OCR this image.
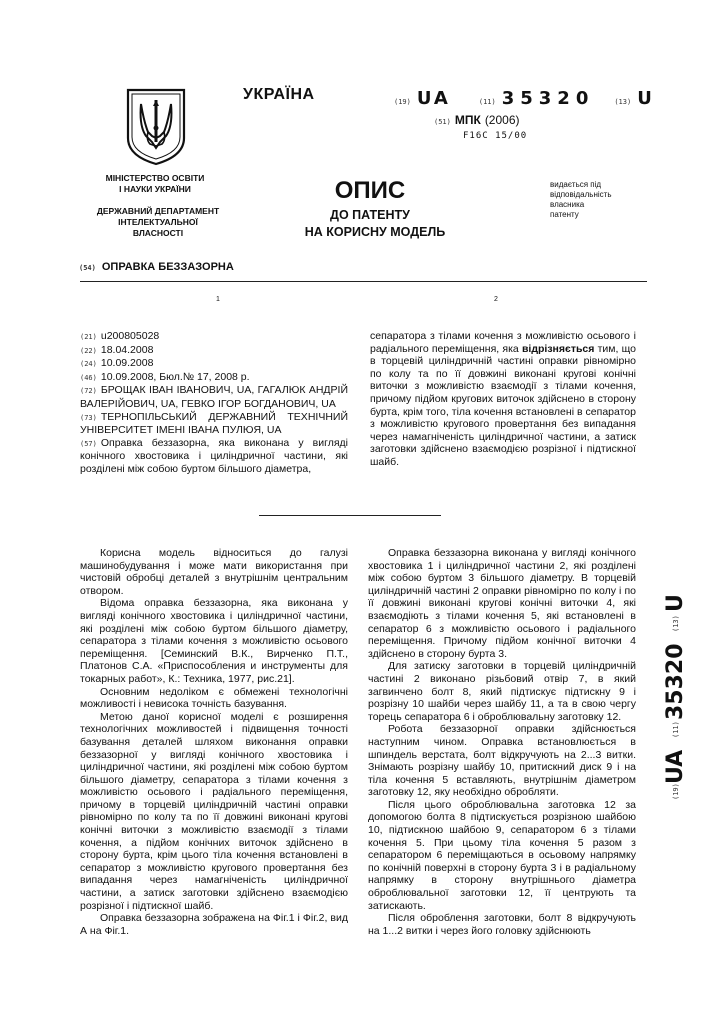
УКРАЇНА	(19) UA	(11) 35320	(13) U
(51) МПК (2006)
F16C 15/00
МІНІСТЕРСТВО ОСВІТИ
І НАУКИ УКРАЇНИ
ДЕРЖАВНИЙ ДЕПАРТАМЕНТ
ІНТЕЛЕКТУАЛЬНОЇ
ВЛАСНОСТІ
ОПИС
ДО ПАТЕНТУ
НА КОРИСНУ МОДЕЛЬ
видається під
відповідальність
власника
патенту
(54) ОПРАВКА БЕЗЗАЗОРНА
1	2
(21) u200805028
(22) 18.04.2008
(24) 10.09.2008
(46) 10.09.2008, Бюл.№ 17, 2008 р.
(72) БРОЩАК ІВАН ІВАНОВИЧ, UA, ГАГАЛЮК АНДРІЙ ВАЛЕРІЙОВИЧ, UA, ГЕВКО ІГОР БОГДАНОВИЧ, UA
(73) ТЕРНОПІЛЬСЬКИЙ ДЕРЖАВНИЙ ТЕХНІЧНИЙ УНІВЕРСИТЕТ ІМЕНІ ІВАНА ПУЛЮЯ, UA
(57) Оправка беззазорна, яка виконана у вигляді конічного хвостовика і циліндричної частини, які розділені між собою буртом більшого діаметра,
сепаратора з тілами кочення з можливістю осьового і радіального переміщення, яка відрізняється тим, що в торцевій циліндричній частині оправки рівномірно по колу та по її довжині виконані кругові конічні виточки з можливістю взаємодії з тілами кочення, причому підйом кругових виточок здійснено в сторону бурта, крім того, тіла кочення встановлені в сепаратор з можливістю кругового провертання без випадання через намагніченість циліндричної частини, а затиск заготовки здійснено взаємодією розрізної і підтискної шайб.

Корисна модель відноситься до галузі машинобудування і може мати використання при чистовій обробці деталей з внутрішнім центральним отвором.

Відома оправка беззазорна, яка виконана у вигляді конічного хвостовика і циліндричної частини, які розділені між собою буртом більшого діаметру, сепаратора з тілами кочення з можливістю осьового переміщення. [Семинский В.К., Вирченко П.Т., Платонов С.А. «Приспособления и инструменты для токарных работ», К.: Техника, 1977, рис.21].

Основним недоліком є обмежені технологічні можливості і невисока точність базування.

Метою даної корисної моделі є розширення технологічних можливостей і підвищення точності базування деталей шляхом виконання оправки беззазорної у вигляді конічного хвостовика і циліндричної частини, які розділені між собою буртом більшого діаметру, сепаратора з тілами кочення з можливістю осьового і радіального переміщення, причому в торцевій циліндричній частині оправки рівномірно по колу та по її довжині виконані кругові конічні виточки з можливістю взаємодії з тілами кочення, а підйом конічних виточок здійснено в сторону бурта, крім цього тіла кочення встановлені в сепаратор з можливістю кругового провертання без випадання через намагніченість циліндричної частини, а затиск заготовки здійснено взаємодією розрізної і підтискної шайб.

Оправка беззазорна зображена на Фіг.1 і Фіг.2, вид А на Фіг.1.

Оправка беззазорна виконана у вигляді конічного хвостовика 1 і циліндричної частини 2, які розділені між собою буртом 3 більшого діаметру. В торцевій циліндричній частині 2 оправки рівномірно по колу і по її довжині виконані кругові конічні виточки 4, які взаємодіють з тілами кочення 5, які встановлені в сепаратор 6 з можливістю осьового і радіального переміщення. Причому підйом конічної виточки 4 здійснено в сторону бурта 3.

Для затиску заготовки в торцевій циліндричній частині 2 виконано різьбовий отвір 7, в який загвинчено болт 8, який підтискує підтискну 9 і розрізну 10 шайби через шайбу 11, а та в свою чергу торець сепаратора 6 і оброблювальну заготовку 12.

Робота беззазорної оправки здійснюється наступним чином. Оправка встановлюється в шпиндель верстата, болт відкручують на 2...3 витки. Знімають розрізну шайбу 10, притискний диск 9 і на тіла кочення 5 вставляють, внутрішнім діаметром заготовку 12, яку необхідно обробляти.

Після цього оброблювальна заготовка 12 за допомогою болта 8 підтискується розрізною шайбою 10, підтискною шайбою 9, сепаратором 6 з тілами кочення 5. При цьому тіла кочення 5 разом з сепаратором 6 переміщаються в осьовому напрямку по конічній поверхні в сторону бурта 3 і в радіальному напрямку в сторону внутрішнього діаметра оброблювальної заготовки 12, її центрують та затискають.

Після оброблення заготовки, болт 8 відкручують на 1...2 витки і через його головку здійснюють

(19)
UA
(11)
35320
(13)
U
